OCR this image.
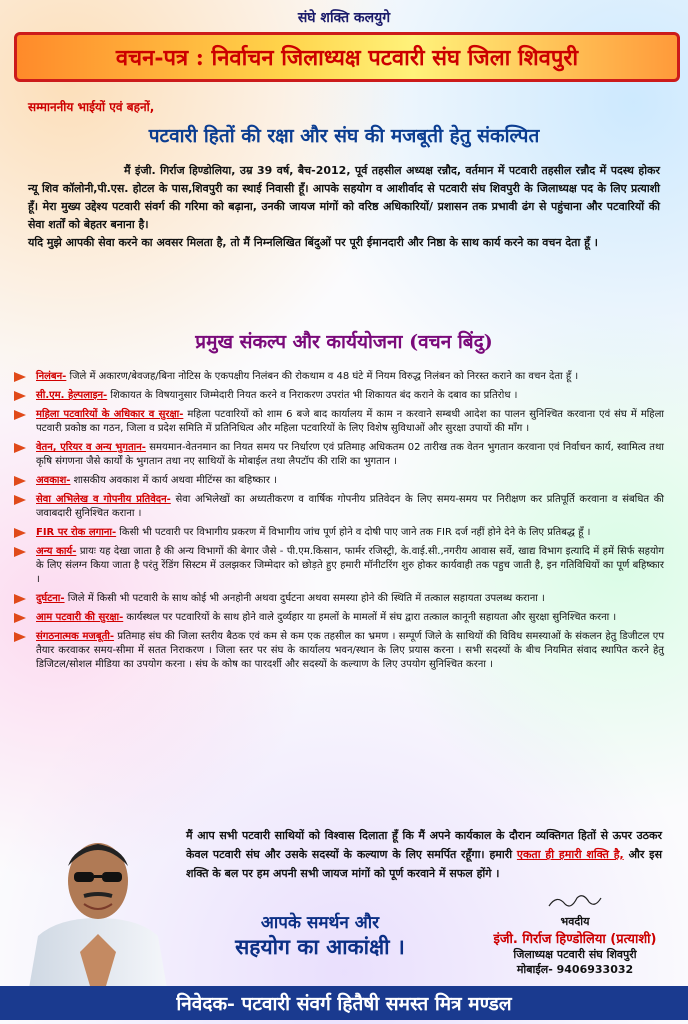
संघे शक्ति कलयुगे
वचन-पत्र : निर्वाचन जिलाध्यक्ष पटवारी संघ जिला शिवपुरी
सम्माननीय भाईयों एवं बहनों,
पटवारी हितों की रक्षा और संघ की मजबूती हेतु संकल्पित
मैं इंजी. गिर्राज हिण्डोलिया, उम्र 39 वर्ष, बैच-2012, पूर्व तहसील अध्यक्ष रन्नौद, वर्तमान में पटवारी तहसील रन्नौद में पदस्थ होकर न्यू शिव कॉलोनी,पी.एस. होटल के पास,शिवपुरी का स्थाई निवासी हूँ। आपके सहयोग व आशीर्वाद से पटवारी संघ शिवपुरी के जिलाध्यक्ष पद के लिए प्रत्याशी हूँ। मेरा मुख्य उद्देश्य पटवारी संवर्ग की गरिमा को बढ़ाना, उनकी जायज मांगों को वरिष्ठ अधिकारियों/ प्रशासन तक प्रभावी ढंग से पहुंचाना और पटवारियों की सेवा शर्तों को बेहतर बनाना है।
यदि मुझे आपकी सेवा करने का अवसर मिलता है, तो मैं निम्नलिखित बिंदुओं पर पूरी ईमानदारी और निष्ठा के साथ कार्य करने का वचन देता हूँ ।
प्रमुख संकल्प और कार्ययोजना (वचन बिंदु)
निलंबन- जिले में अकारण/बेवजह/बिना नोटिस के एकपक्षीय निलंबन की रोकथाम व 48 घंटे में नियम विरुद्ध निलंबन को निरस्त कराने का वचन देता हूँ ।
सी.एम. हेल्पलाइन- शिकायत के विषयानुसार जिम्मेदारी नियत करने व निराकरण उपरांत भी शिकायत बंद कराने के दबाव का प्रतिरोध ।
महिला पटवारियों के अधिकार व सुरक्षा- महिला पटवारियों को शाम 6 बजे बाद कार्यालय में काम न करवाने सम्बधी आदेश का पालन सुनिश्चित करवाना एवं संघ में महिला पटवारी प्रकोष्ठ का गठन, जिला व प्रदेश समिति में प्रतिनिधित्व और महिला पटवारियों के लिए विशेष सुविधाओं और सुरक्षा उपायों की माँग ।
वेतन, एरियर व अन्य भुगतान- समयमान-वेतनमान का नियत समय पर निर्धारण एवं प्रतिमाह अधिकतम 02 तारीख तक वेतन भुगतान करवाना एवं निर्वाचन कार्य, स्वामित्व तथा कृषि संगणना जैसे कार्यों के भुगतान तथा नए साथियों के मोबाईल तथा लैपटॉप की राशि का भुगतान ।
अवकाश- शासकीय अवकाश में कार्य अथवा मीटिंग्स का बहिष्कार ।
सेवा अभिलेख व गोपनीय प्रतिवेदन- सेवा अभिलेखों का अध्यतीकरण व वार्षिक गोपनीय प्रतिवेदन के लिए समय-समय पर निरीक्षण कर प्रतिपूर्ति करवाना व संबधित की जवाबदारी सुनिश्चित कराना ।
FIR पर रोक लगाना- किसी भी पटवारी पर विभागीय प्रकरण में विभागीय जांच पूर्ण होने व दोषी पाए जाने तक FIR दर्ज नहीं होने देने के लिए प्रतिबद्ध हूँ ।
अन्य कार्य- प्रायः यह देखा जाता है की अन्य विभागों की बेगार जैसे - पी.एम.किसान, फार्मर रजिस्ट्री, के.वाई.सी.,नगरीय आवास सर्वे, खाद्य विभाग इत्यादि में हमें सिर्फ सहयोग के लिए संलग्न किया जाता है परंतु रेंडिंग सिस्टम में उलझकर जिम्मेदार को छोड़ते हुए हमारी मॉनीटरिंग शुरु होकर कार्यवाही तक पहुच जाती है, इन गतिविधियों का पूर्ण बहिष्कार ।
दुर्घटना- जिले में किसी भी पटवारी के साथ कोई भी अनहोनी अथवा दुर्घटना अथवा समस्या होने की स्थिति में तत्काल सहायता उपलब्ध कराना ।
आम पटवारी की सुरक्षा- कार्यस्थल पर पटवारियों के साथ होने वाले दुर्व्यहार या हमलों के मामलों में संघ द्वारा तत्काल कानूनी सहायता और सुरक्षा सुनिश्चित करना ।
संगठनात्मक मजबूती- प्रतिमाह संघ की जिला स्तरीय बैठक एवं कम से कम एक तहसील का भ्रमण । सम्पूर्ण जिले के साथियों की विविध समस्याओं के संकलन हेतु डिजीटल एप तैयार करवाकर समय-सीमा में सतत निराकरण । जिला स्तर पर संघ के कार्यालय भवन/स्थान के लिए प्रयास करना । सभी सदस्यों के बीच नियमित संवाद स्थापित करने हेतु डिजिटल/सोशल मीडिया का उपयोग करना । संघ के कोष का पारदर्शी और सदस्यों के कल्याण के लिए उपयोग सुनिश्चित करना ।
मैं आप सभी पटवारी साथियों को विश्वास दिलाता हूँ कि मैं अपने कार्यकाल के दौरान व्यक्तिगत हितों से ऊपर उठकर केवल पटवारी संघ और उसके सदस्यों के कल्याण के लिए समर्पित रहूँगा। हमारी एकता ही हमारी शक्ति है, और इस शक्ति के बल पर हम अपनी सभी जायज मांगों को पूर्ण करवाने में सफल होंगे ।
आपके समर्थन और
सहयोग का आकांक्षी ।
भवदीय
इंजी. गिर्राज हिण्डोलिया (प्रत्याशी)
जिलाध्यक्ष पटवारी संघ शिवपुरी
मोबाईल- 9406933032
निवेदक- पटवारी संवर्ग हितैषी समस्त मित्र मण्डल
